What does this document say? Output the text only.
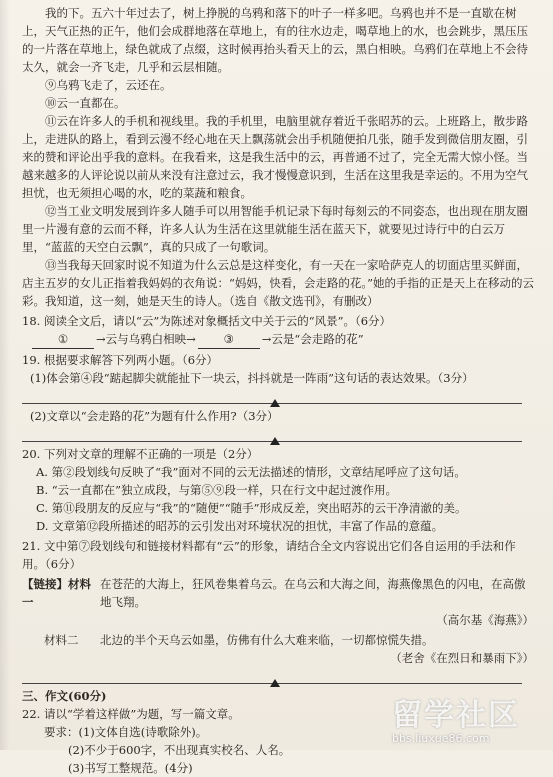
我的下。五六十年过去了，树上挣脱的乌鸦和落下的叶子一样多吧。乌鸦也并不是一直歇在树上，天气正热的正午，他们会成群地落在草地上，有的往水边走，喝草地上的水，也会跳步，黑压压的一片落在草地上，绿色就成了点缀，这时候再抬头看天上的云，黑白相映。乌鸦们在草地上不会待太久，就会一齐飞走，几乎和云层相随。

⑨乌鸦飞走了，云还在。

⑩云一直都在。

⑪云在许多人的手机和视线里。我的手机里，电脑里就存着近千张昭苏的云。上班路上，散步路上，走进队的路上，看到云漫不经心地在天上飘荡就会出手机随便拍几张，随手发到微信朋友圈，引来的赞和评论出乎我的意料。在我看来，这是我生活中的云，再普通不过了，完全无需大惊小怪。当越来越多的人评论说以前从来没有注意过云，我才慢慢意识到，生活在这里我是幸运的。不用为空气担忧，也无须担心喝的水，吃的菜蔬和粮食。

⑫当工业文明发展到许多人随手可以用智能手机记录下每时每刻云的不同姿态，也出现在朋友圈里一片漫有意的云而不释，许多人认为生活在这里就能生活在蓝天下，就要见过诗行中的白云万里，“蓝蓝的天空白云飘”，真的只成了一句歌词。

⑬当我每天回家时说不知道为什么云总是这样变化，有一天在一家哈萨克人的切面店里买鲜面，店主五岁的女儿正指着我妈妈的衣角说：“妈妈，快看，会走路的花。”她的手指的正是天上在移动的云彩。我知道，这一刻，她是天生的诗人。（选自《散文选刊》，有删改）

18. 阅读全文后，请以“云”为陈述对象概括文中关于云的“风景”。（6分）

①	→云与乌鸦白相映→	③	→云是“会走路的花”

19. 根据要求解答下列两小题。（6分）

(1)体会第④段“踮起脚尖就能扯下一块云，抖抖就是一阵雨”这句话的表达效果。（3分）

(2)文章以“会走路的花”为题有什么作用?（3分）

20. 下列对文章的理解不正确的一项是（2分）

A. 第②段划线句反映了“我”面对不同的云无法描述的情形，文章结尾呼应了这句话。

B. “云一直都在”独立成段，与第⑤⑨段一样，只在行文中起过渡作用。

C. 第⑪段朋友的反应与“我”的“随便”“随手”形成反差，突出昭苏的云干净清澈的美。

D. 文章第⑫段所描述的昭苏的云引发出对环境状况的担忧，丰富了作品的意蕴。

21. 文中第⑦段划线句和链接材料都有“云”的形象，请结合全文内容说出它们各自运用的手法和作用。（6分）

【链接】材料一
在苍茫的大海上，狂风卷集着乌云。在乌云和大海之间，海燕像黑色的闪电，在高傲地飞翔。

（高尔基《海燕》）

材料二	北边的半个天乌云如墨，仿佛有什么大难来临，一切都惊慌失措。

（老舍《在烈日和暴雨下》）

三、作文(60分)

22. 请以“学着这样做”为题，写一篇文章。

要求：(1)文体自选(诗歌除外)。

(2)不少于600字，不出现真实校名、人名。

(3)书写工整规范。(4分)

留学社区
bbs.liuxue86.com
